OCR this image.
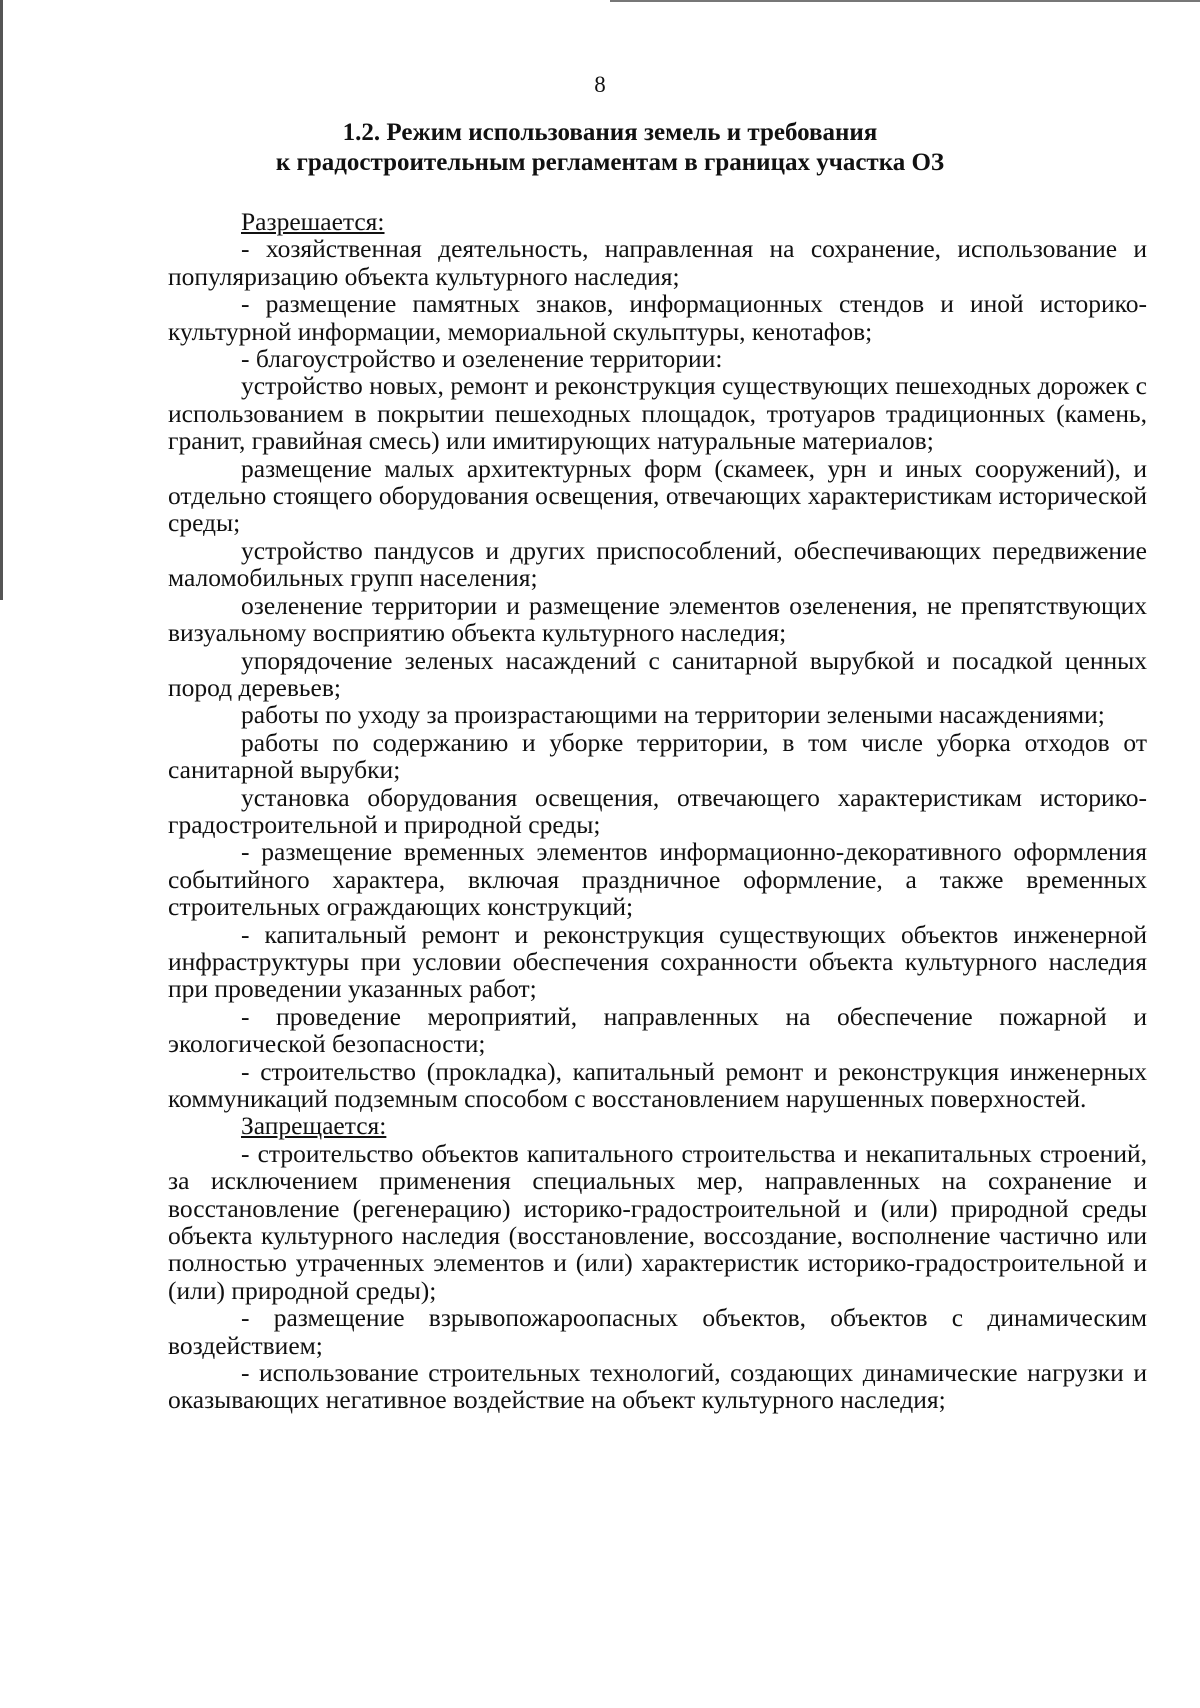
8
1.2. Режим использования земель и требования
к градостроительным регламентам в границах участка ОЗ

Разрешается:

- хозяйственная деятельность, направленная на сохранение, использование и популяризацию объекта культурного наследия;

- размещение памятных знаков, информационных стендов и иной историко-культурной информации, мемориальной скульптуры, кенотафов;

- благоустройство и озеленение территории:

устройство новых, ремонт и реконструкция существующих пешеходных дорожек с использованием в покрытии пешеходных площадок, тротуаров традиционных (камень, гранит, гравийная смесь) или имитирующих натуральные материалов;

размещение малых архитектурных форм (скамеек, урн и иных сооружений), и отдельно стоящего оборудования освещения, отвечающих характеристикам исторической среды;

устройство пандусов и других приспособлений, обеспечивающих передвижение маломобильных групп населения;

озеленение территории и размещение элементов озеленения, не препятствующих визуальному восприятию объекта культурного наследия;

упорядочение зеленых насаждений с санитарной вырубкой и посадкой ценных пород деревьев;

работы по уходу за произрастающими на территории зелеными насаждениями;

работы по содержанию и уборке территории, в том числе уборка отходов от санитарной вырубки;

установка оборудования освещения, отвечающего характеристикам историко-градостроительной и природной среды;

- размещение временных элементов информационно-декоративного оформления событийного характера, включая праздничное оформление, а также временных строительных ограждающих конструкций;

- капитальный ремонт и реконструкция существующих объектов инженерной инфраструктуры при условии обеспечения сохранности объекта культурного наследия при проведении указанных работ;

- проведение мероприятий, направленных на обеспечение пожарной и экологической безопасности;

- строительство (прокладка), капитальный ремонт и реконструкция инженерных коммуникаций подземным способом с восстановлением нарушенных поверхностей.

Запрещается:

- строительство объектов капитального строительства и некапитальных строений, за исключением применения специальных мер, направленных на сохранение и восстановление (регенерацию) историко-градостроительной и (или) природной среды объекта культурного наследия (восстановление, воссоздание, восполнение частично или полностью утраченных элементов и (или) характеристик историко-градостроительной и (или) природной среды);

- размещение взрывопожароопасных объектов, объектов с динамическим воздействием;

- использование строительных технологий, создающих динамические нагрузки и оказывающих негативное воздействие на объект культурного наследия;
